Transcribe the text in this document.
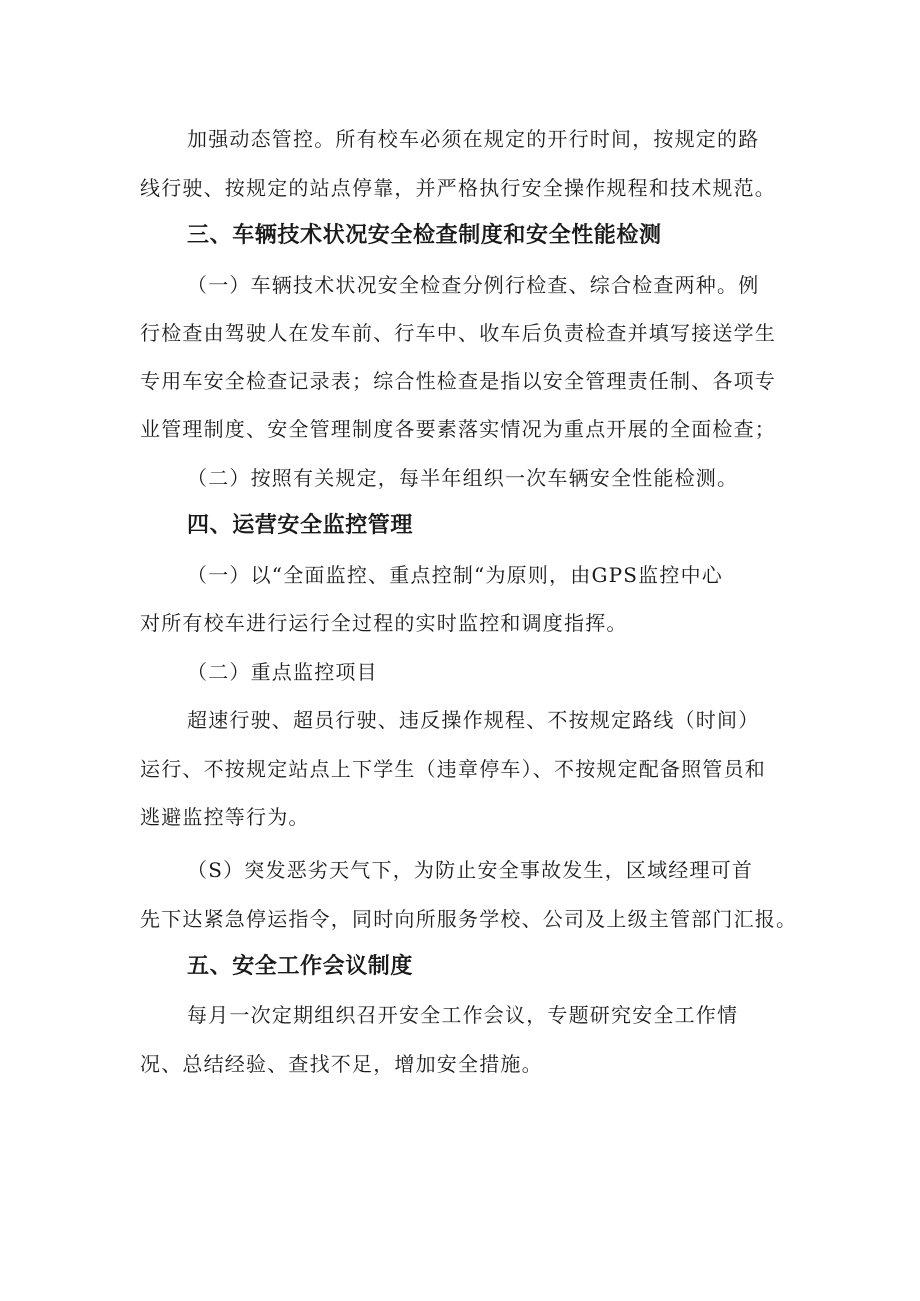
加强动态管控。所有校车必须在规定的开行时间，按规定的路
线行驶、按规定的站点停靠，并严格执行安全操作规程和技术规范。
三、车辆技术状况安全检查制度和安全性能检测
（一）车辆技术状况安全检查分例行检查、综合检查两种。例
行检查由驾驶人在发车前、行车中、收车后负责检查并填写接送学生
专用车安全检查记录表；综合性检查是指以安全管理责任制、各项专
业管理制度、安全管理制度各要素落实情况为重点开展的全面检查；
（二）按照有关规定，每半年组织一次车辆安全性能检测。
四、运营安全监控管理
（一）以“全面监控、重点控制“为原则，由GPS监控中心
对所有校车进行运行全过程的实时监控和调度指挥。
（二）重点监控项目
超速行驶、超员行驶、违反操作规程、不按规定路线（时间）
运行、不按规定站点上下学生（违章停车）、不按规定配备照管员和
逃避监控等行为。
（S）突发恶劣天气下，为防止安全事故发生，区域经理可首
先下达紧急停运指令，同时向所服务学校、公司及上级主管部门汇报。
五、安全工作会议制度
每月一次定期组织召开安全工作会议，专题研究安全工作情
况、总结经验、查找不足，增加安全措施。
